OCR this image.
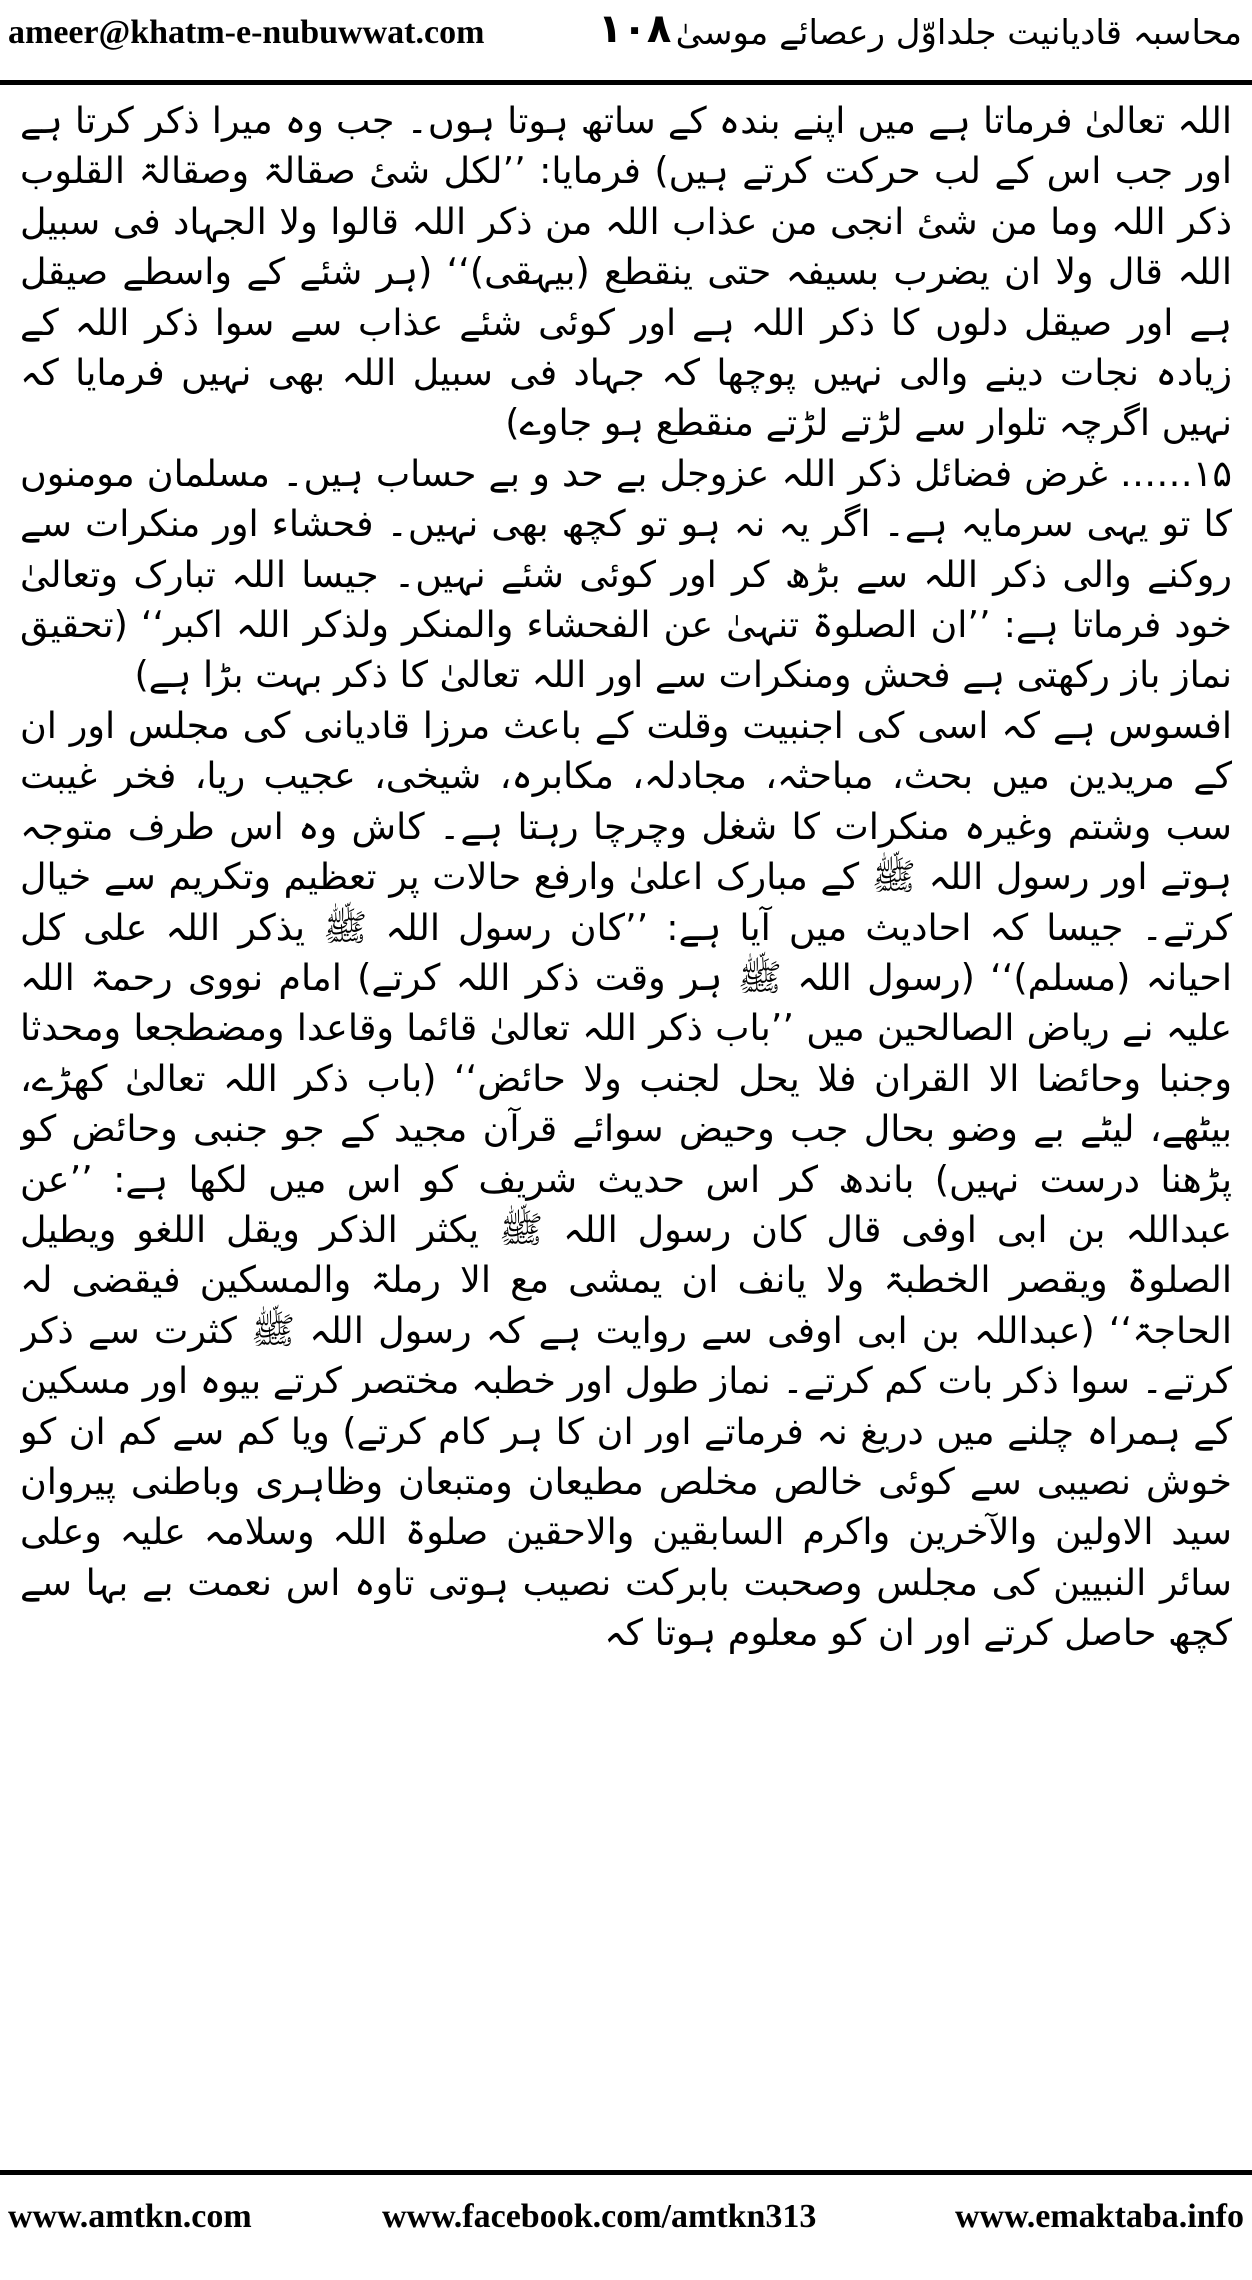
ameer@khatm-e-nubuwwat.com	۱۰۸ محاسبہ قادیانیت جلداوّل رعصائے موسیٰ

اللہ تعالیٰ فرماتا ہے میں اپنے بندہ کے ساتھ ہوتا ہوں۔ جب وہ میرا ذکر کرتا ہے اور جب اس کے لب حرکت کرتے ہیں) فرمایا: ’’لکل شیٔ صقالۃ وصقالۃ القلوب ذکر اللہ وما من شیٔ انجی من عذاب اللہ من ذکر اللہ قالوا ولا الجہاد فی سبیل اللہ قال ولا ان یضرب بسیفہ حتی ینقطع (بیہقی)‘‘ (ہر شئے کے واسطے صیقل ہے اور صیقل دلوں کا ذکر اللہ ہے اور کوئی شئے عذاب سے سوا ذکر اللہ کے زیادہ نجات دینے والی نہیں پوچھا کہ جہاد فی سبیل اللہ بھی نہیں فرمایا کہ نہیں اگرچہ تلوار سے لڑتے لڑتے منقطع ہو جاوے)

۱۵…… غرض فضائل ذکر اللہ عزوجل بے حد و بے حساب ہیں۔ مسلمان مومنوں کا تو یہی سرمایہ ہے۔ اگر یہ نہ ہو تو کچھ بھی نہیں۔ فحشاء اور منکرات سے روکنے والی ذکر اللہ سے بڑھ کر اور کوئی شئے نہیں۔ جیسا اللہ تبارک وتعالیٰ خود فرماتا ہے: ’’ان الصلوۃ تنہیٰ عن الفحشاء والمنکر ولذکر اللہ اکبر‘‘ (تحقیق نماز باز رکھتی ہے فحش ومنکرات سے اور اللہ تعالیٰ کا ذکر بہت بڑا ہے)

افسوس ہے کہ اسی کی اجنبیت وقلت کے باعث مرزا قادیانی کی مجلس اور ان کے مریدین میں بحث، مباحثہ، مجادلہ، مکابرہ، شیخی، عجیب ریا، فخر غیبت سب وشتم وغیرہ منکرات کا شغل وچرچا رہتا ہے۔ کاش وہ اس طرف متوجہ ہوتے اور رسول اللہ ﷺ کے مبارک اعلیٰ وارفع حالات پر تعظیم وتکریم سے خیال کرتے۔ جیسا کہ احادیث میں آیا ہے: ’’کان رسول اللہ ﷺ یذکر اللہ علی کل احیانہ (مسلم)‘‘ (رسول اللہ ﷺ ہر وقت ذکر اللہ کرتے) امام نووی رحمۃ اللہ علیہ نے ریاض الصالحین میں ’’باب ذکر اللہ تعالیٰ قائما وقاعدا ومضطجعا ومحدثا وجنبا وحائضا الا القران فلا یحل لجنب ولا حائض‘‘ (باب ذکر اللہ تعالیٰ کھڑے، بیٹھے، لیٹے بے وضو بحال جب وحیض سوائے قرآن مجید کے جو جنبی وحائض کو پڑھنا درست نہیں) باندھ کر اس حدیث شریف کو اس میں لکھا ہے: ’’عن عبداللہ بن ابی اوفی قال کان رسول اللہ ﷺ یکثر الذکر ویقل اللغو ویطیل الصلوۃ ویقصر الخطبۃ ولا یانف ان یمشی مع الا رملۃ والمسکین فیقضی لہ الحاجۃ‘‘ (عبداللہ بن ابی اوفی سے روایت ہے کہ رسول اللہ ﷺ کثرت سے ذکر کرتے۔ سوا ذکر بات کم کرتے۔ نماز طول اور خطبہ مختصر کرتے بیوہ اور مسکین کے ہمراہ چلنے میں دریغ نہ فرماتے اور ان کا ہر کام کرتے) ویا کم سے کم ان کو خوش نصیبی سے کوئی خالص مخلص مطیعان ومتبعان وظاہری وباطنی پیروان سید الاولین والآخرین واکرم السابقین والاحقین صلوۃ اللہ وسلامہ علیہ وعلی سائر النبیین کی مجلس وصحبت بابرکت نصیب ہوتی تاوہ اس نعمت بے بہا سے کچھ حاصل کرتے اور ان کو معلوم ہوتا کہ

www.amtkn.com	www.facebook.com/amtkn313	www.emaktaba.info
